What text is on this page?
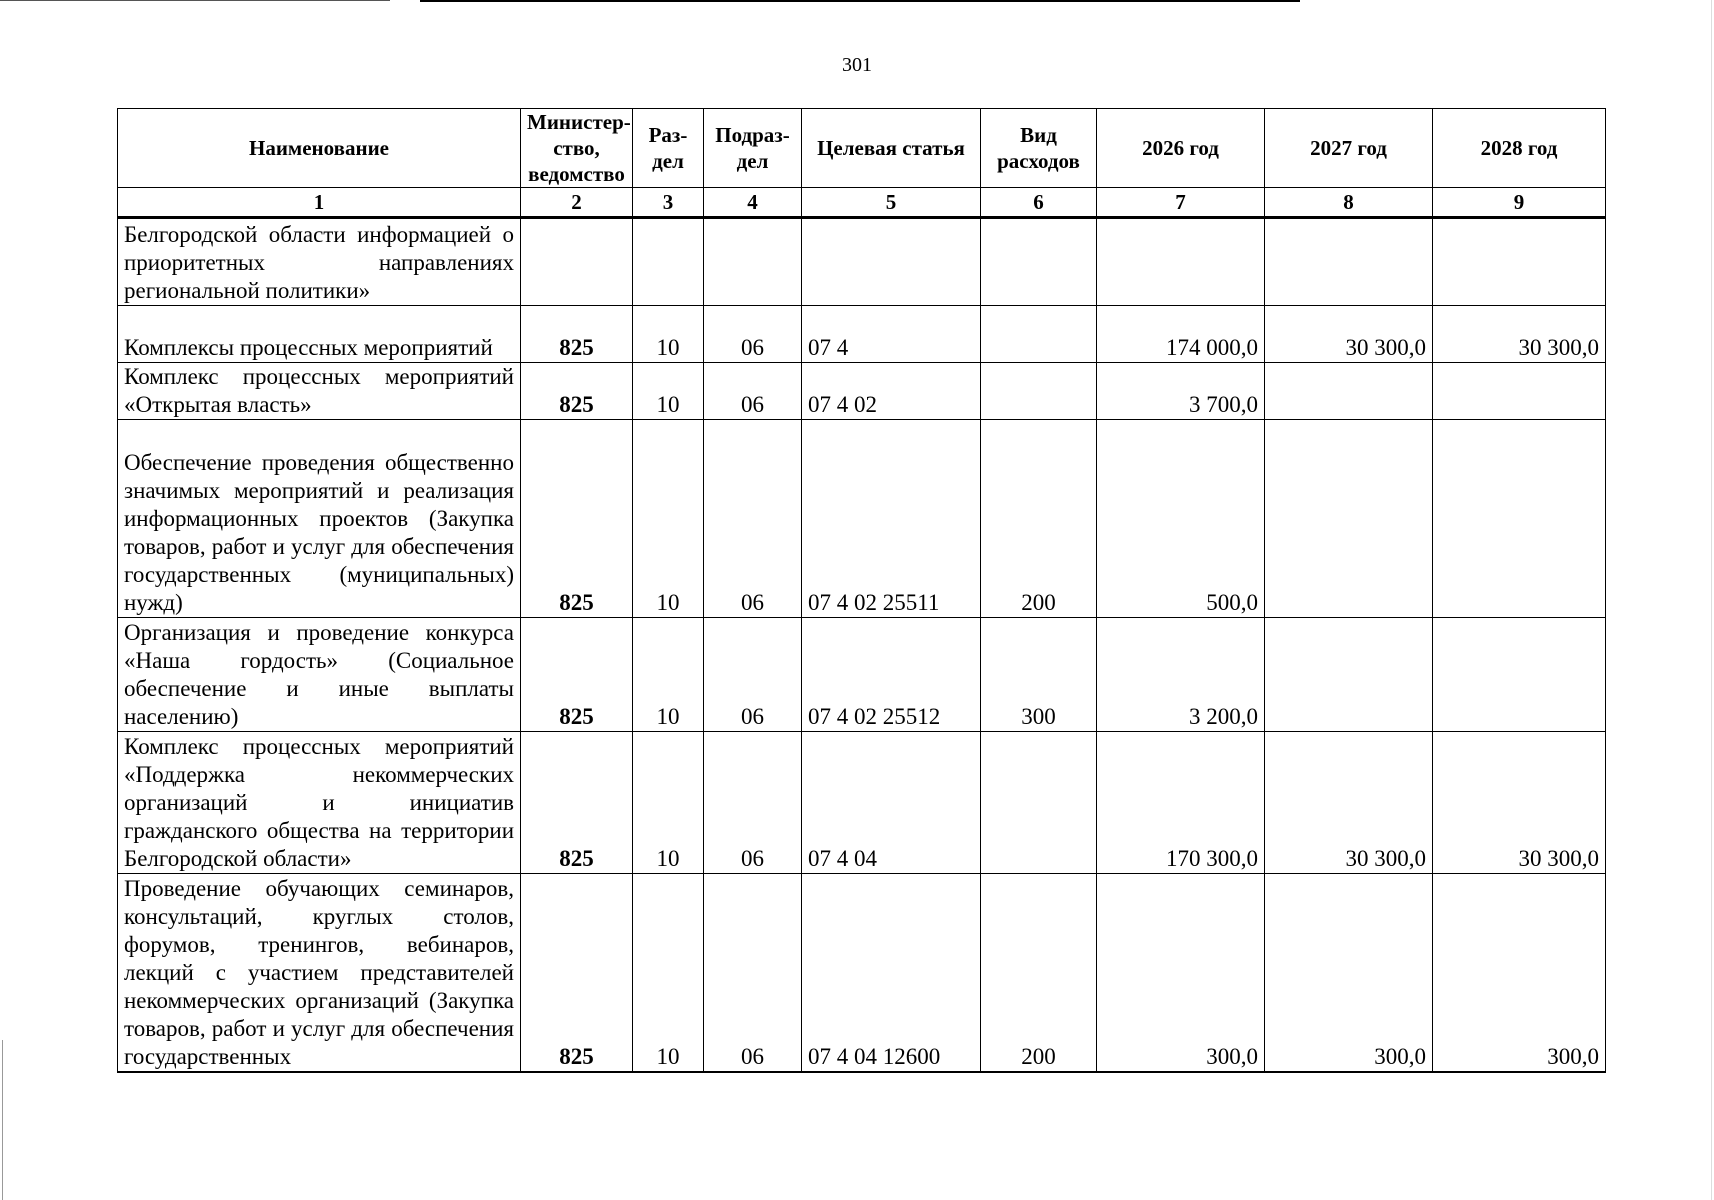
301
Наименование	Министер-ство, ведомство	Раз-дел	Подраз-дел	Целевая статья	Вид расходов	2026 год	2027 год	2028 год
1	2	3	4	5	6	7	8	9
Белгородской области информацией о приоритетных направлениях региональной политики»								
Комплексы процессных мероприятий	825	10	06	07 4		174 000,0	30 300,0	30 300,0
Комплекс процессных мероприятий «Открытая власть»	825	10	06	07 4 02		3 700,0		
Обеспечение проведения общественно значимых мероприятий и реализация информационных проектов (Закупка товаров, работ и услуг для обеспечения государственных (муниципальных) нужд)	825	10	06	07 4 02 25511	200	500,0		
Организация и проведение конкурса «Наша гордость» (Социальное обеспечение и иные выплаты населению)	825	10	06	07 4 02 25512	300	3 200,0		
Комплекс процессных мероприятий «Поддержка некоммерческих организаций и инициатив гражданского общества на территории Белгородской области»	825	10	06	07 4 04		170 300,0	30 300,0	30 300,0
Проведение обучающих семинаров, консультаций, круглых столов, форумов, тренингов, вебинаров, лекций с участием представителей некоммерческих организаций (Закупка товаров, работ и услуг для обеспечения государственных	825	10	06	07 4 04 12600	200	300,0	300,0	300,0
